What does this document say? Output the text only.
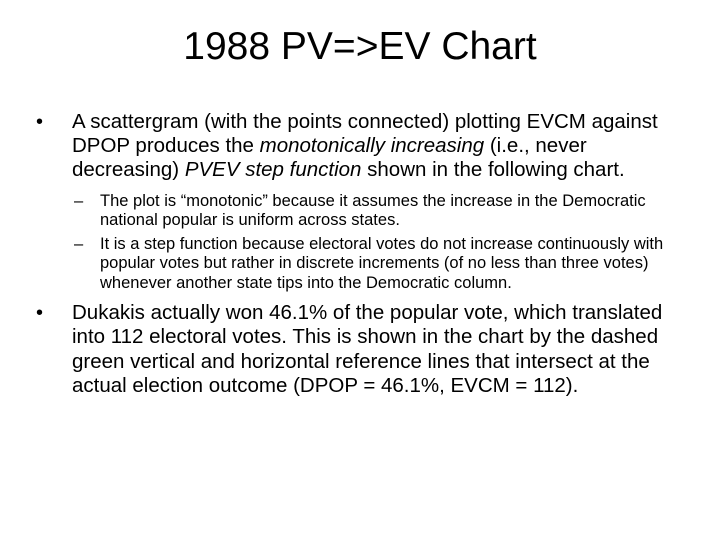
1988 PV=>EV Chart

• A scattergram (with the points connected) plotting EVCM against DPOP produces the monotonically increasing (i.e., never decreasing) PVEV step function shown in the following chart.

– The plot is “monotonic” because it assumes the increase in the Democratic national popular is uniform across states.

– It is a step function because electoral votes do not increase continuously with popular votes but rather in discrete increments (of no less than three votes) whenever another state tips into the Democratic column.

• Dukakis actually won 46.1% of the popular vote, which translated into 112 electoral votes. This is shown in the chart by the dashed green vertical and horizontal reference lines that intersect at the actual election outcome (DPOP = 46.1%, EVCM = 112).
